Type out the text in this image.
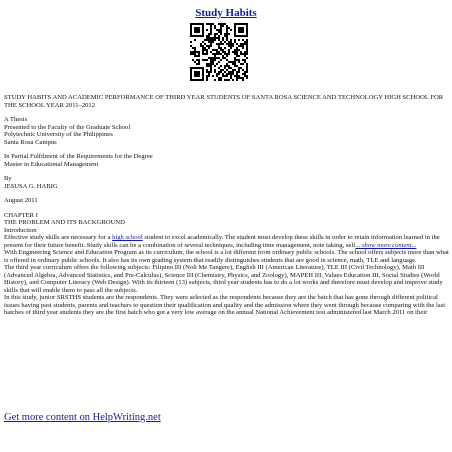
Study Habits

STUDY HABITS AND ACADEMIC PERFORMANCE OF THIRD YEAR STUDENTS OF SANTA ROSA SCIENCE AND TECHNOLOGY HIGH SCHOOL FOR THE SCHOOL YEAR 2011–2012

A Thesis

Presented to the Faculty of the Graduate School

Polytechnic University of the Philippines

Santa Rosa Campus

In Partial Fulfilment of the Requirements for the Degree

Master in Educational Management

By

JESUSA G. HABIG

August 2011

CHAPTER I

THE PROBLEM AND ITS BACKGROUND

Introduction

Effective study skills are necessary for a high school student to excel academically. The student must develop these skills in order to retain information learned in the present for their future benefit. Study skills can be a combination of several techniques, including time management, note taking, self... show more content...

With Engineering Science and Education Program as its curriculum, the school is a lot different from ordinary public schools. The school offers subjects more than what is offered in ordinary public schools. It also has its own grading system that readily distinguishes students that are good in science, math, TLE and language.

The third year curriculum offers the following subjects: Filipino III (Noli Me Tangere), English III (American Literature), TLE III (Civil Technology), Math III (Advanced Algebra, Advanced Statistics, and Pre-Calculus), Science III (Chemistry, Physics, and Zoology), MAPEH III, Values Education III, Social Studies (World History), and Computer Literacy (Web Design). With its thirteen (13) subjects, third year students has to do a lot works and therefore must develop and improve study skills that will enable them to pass all the subjects.

In this study, junior SRSTHS students are the respondents. They were selected as the respondents because they are the batch that has gone through different political issues having past students, parents and teachers to question their qualification and quality and the admission where they went through because comparing with the last batches of third year students they are the first batch who got a very low average on the annual National Achievement test administered last March 2011 on their

Get more content on HelpWriting.net
